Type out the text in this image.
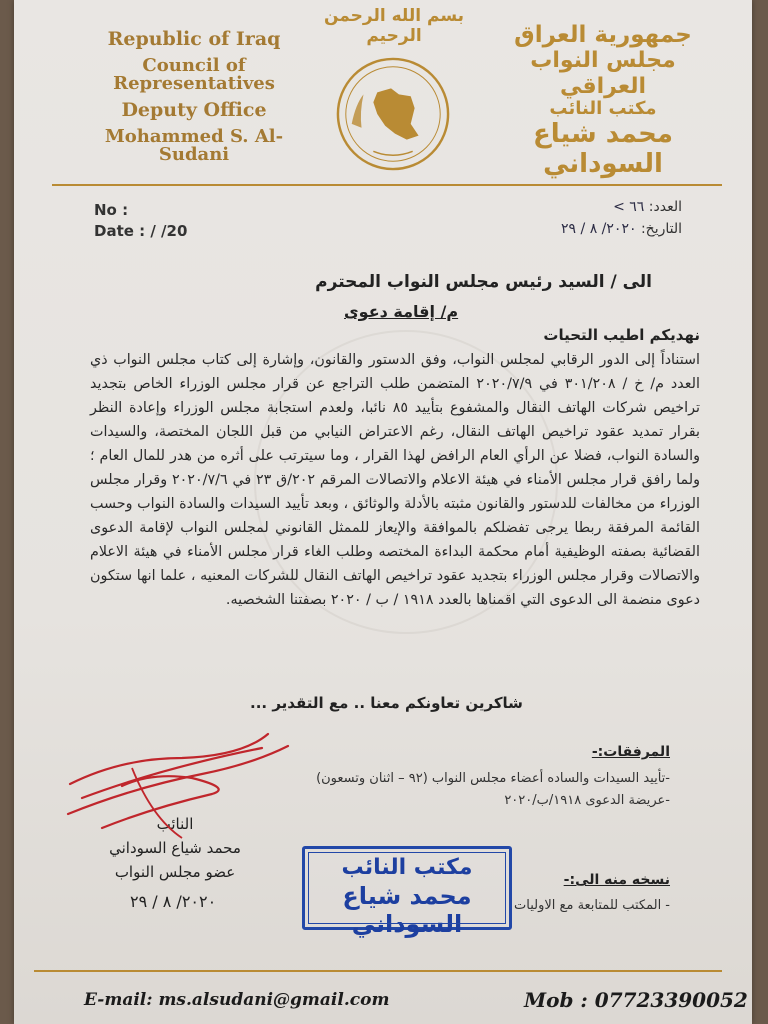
Republic of Iraq
Council of Representatives
Deputy Office
Mohammed S. Al-Sudani
بسم الله الرحمن الرحيم	جمهورية العراق
مجلس النواب العراقي
مكتب النائب
محمد شياع السوداني
No :
Date : / /20
العدد: ٦٦ >
التاريخ: ٢٠٢٠/ ٨ / ٢٩
الى / السيد رئيس مجلس النواب المحترم
م/ إقامة دعوى
نهديكم اطيب التحيات
استناداً إلى الدور الرقابي لمجلس النواب، وفق الدستور والقانون، وإشارة إلى كتاب مجلس النواب ذي العدد م/ خ / ٣٠١/٢٠٨ في ٢٠٢٠/٧/٩ المتضمن طلب التراجع عن قرار مجلس الوزراء الخاص بتجديد تراخيص شركات الهاتف النقال والمشفوع بتأييد ٨٥ نائبا، ولعدم استجابة مجلس الوزراء وإعادة النظر بقرار تمديد عقود تراخيص الهاتف النقال، رغم الاعتراض النيابي من قبل اللجان المختصة، والسيدات والسادة النواب، فضلا عن الرأي العام الرافض لهذا القرار ، وما سيترتب على أثره من هدر للمال العام ؛ ولما رافق قرار مجلس الأمناء في هيئة الاعلام والاتصالات المرقم ٢٠٢/ق ٢٣ في ٢٠٢٠/٧/٦ وقرار مجلس الوزراء من مخالفات للدستور والقانون مثبته بالأدلة والوثائق ، وبعد تأييد السيدات والسادة النواب وحسب القائمة المرفقة ربطا يرجى تفضلكم بالموافقة والإيعاز للممثل القانوني لمجلس النواب لإقامة الدعوى القضائية بصفته الوظيفية أمام محكمة البداءة المختصه وطلب الغاء قرار مجلس الأمناء في هيئة الاعلام والاتصالات وقرار مجلس الوزراء بتجديد عقود تراخيص الهاتف النقال للشركات المعنيه ، علما انها ستكون دعوى منضمة الى الدعوى التي اقمناها بالعدد ١٩١٨ / ب / ٢٠٢٠ بصفتنا الشخصيه.
شاكرين تعاونكم معنا .. مع التقدير ...
المرفقات:-
-تأييد السيدات والساده أعضاء مجلس النواب (٩٢ – اثنان وتسعون)
-عريضة الدعوى ١٩١٨/ب/٢٠٢٠
نسخه منه الى:-
- المكتب للمتابعة مع الاوليات
النائب
محمد شياع السوداني
عضو مجلس النواب
٢٠٢٠/ ٨ / ٢٩
مكتب النائب
محمد شياع السوداني
E-mail: ms.alsudani@gmail.com	Mob : 07723390052
